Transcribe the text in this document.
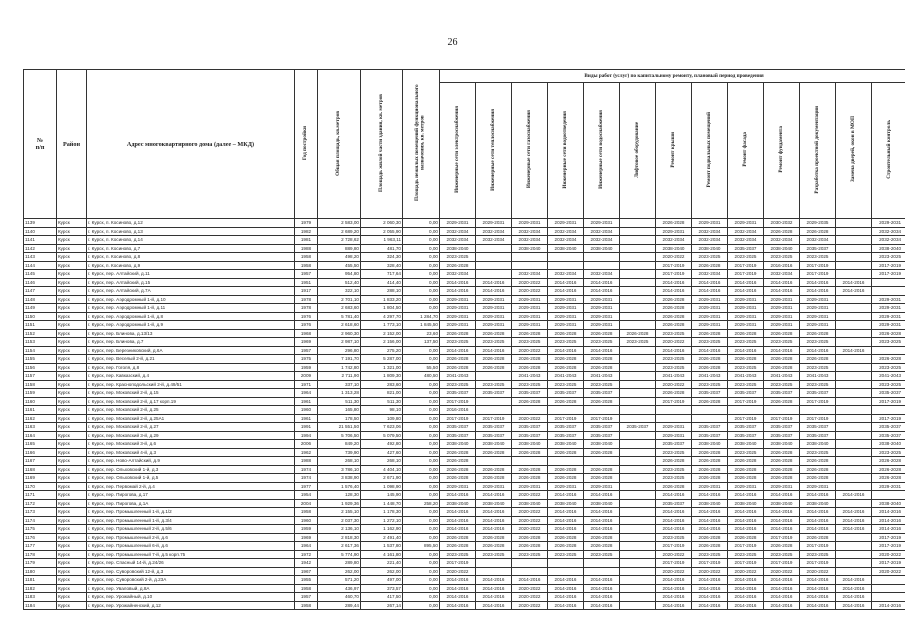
26
№
п/п	Район	Адрес многоквартирного дома (далее – МКД)	Год постройки	Общая площадь, кв.метров	Площадь жилой части здания, кв. метров	Площадь нежилых помещений функционального назначения, кв. метров	Виды работ (услуг) по капитальному ремонту, плановый период проведения												
							Инженерные сети электроснабжения	Инженерные сети теплоснабжения	Инженерные сети газоснабжения	Инженерные сети водоотведения	Инженерные сети водоснабжения	Лифтовое оборудование	Ремонт крыши	Ремонт подвальных помещений	Ремонт фасада	Ремонт фундамента	Разработка проектной документации	Замена дверей, окон в МОП	Строительный контроль
1139	Курск	г. Курск, п. Косиново, д.12	1979	2 583,00	2 060,30	0,00	2029-2031	2029-2031	2029-2031	2029-2031	2029-2031		2026-2028	2029-2031	2029-2031	2030-2032	2029-2035		2029-2031
1140	Курск	г. Курск, п. Косиново, д.13	1982	2 689,20	2 055,90	0,00	2032-2034	2032-2034	2032-2034	2032-2034	2032-2034		2029-2031	2032-2034	2032-2034	2026-2028	2026-2028		2032-2034
1141	Курск	г. Курск, п. Косиново, д.14	1981	2 728,62	1 963,11	0,00	2032-2034	2032-2034	2032-2034	2032-2034	2032-2034		2032-2034	2032-2034	2032-2034	2032-2034	2032-2034		2032-2034
1142	Курск	г. Курск, п. Косиново, д.7	1988	889,80	481,70	0,00	2038-2040		2038-2040	2038-2040	2038-2040		2038-2040	2038-2040	2035-2037	2038-2040	2035-2037		2038-2040
1143	Курск	г. Курск, п. Косиново, д.8	1958	498,20	324,30	0,00	2023-2025						2020-2022	2023-2025	2023-2025	2023-2025	2023-2025		2023-2025
1144	Курск	г. Курск, п. Косиново, д.9	1958	455,50	328,40	0,00	2026-2028						2017-2019	2026-2028	2017-2019	2016-2016	2017-2019		2017-2019
1145	Курск	г. Курск, пер. Алтайский, д.11	1957	954,80	717,64	0,00	2032-2034		2032-2034	2032-2034	2032-2034		2017-2019	2032-2034	2017-2019	2032-2034	2017-2019		2017-2019
1146	Курск	г. Курск, пер. Алтайский, д.15	1951	512,40	414,40	0,00	2014-2016	2014-2016	2020-2022	2014-2016	2014-2016		2014-2016	2014-2016	2014-2016	2014-2016	2014-2016	2014-2016	
1147	Курск	г. Курск, пер. Алтайский, д.7А	1917	322,10	288,10	0,00	2014-2016	2014-2016	2020-2022	2014-2016	2014-2016		2014-2016	2014-2016	2014-2016	2014-2016	2014-2016	2014-2016	
1148	Курск	г. Курск, пер. Аэродромный 1-й, д.10	1978	2 701,10	1 833,20	0,00	2029-2031	2029-2031	2029-2031	2029-2031	2029-2031		2026-2028	2029-2031	2029-2031	2029-2031	2029-2031		2029-2031
1149	Курск	г. Курск, пер. Аэродромный 1-й, д.11	1978	2 683,60	1 804,50	0,00	2029-2031	2029-2031	2029-2031	2029-2031	2029-2031		2026-2028	2029-2031	2029-2031	2029-2031	2029-2031		2029-2031
1150	Курск	г. Курск, пер. Аэродромный 1-й, д.8	1976	5 781,40	4 297,70	1 284,70	2029-2031	2029-2031	2029-2031	2029-2031	2029-2031		2026-2028	2029-2031	2029-2031	2029-2031	2029-2031		2029-2031
1151	Курск	г. Курск, пер. Аэродромный 1-й, д.9	1976	2 618,60	1 773,10	1 845,50	2029-2031	2029-2031	2029-2031	2029-2031	2029-2031		2026-2028	2029-2031	2029-2031	2029-2031	2029-2031		2029-2031
1152	Курск	г. Курск, пер. Блинова, д.13/13	1968	2 960,30	2 152,00	23,60	2026-2028	2026-2028	2026-2028	2026-2028	2026-2028	2026-2028	2023-2025	2026-2028	2026-2028	2026-2028	2026-2028		2026-2028
1153	Курск	г. Курск, пер. Блинова, д.7	1969	2 987,10	2 156,00	137,50	2023-2025	2023-2025	2023-2025	2023-2025	2023-2025	2023-2025	2020-2022	2023-2025	2023-2025	2023-2025	2023-2025		2023-2025
1154	Курск	г. Курск, пер. Березниковский, д.6А	1957	296,80	275,20	0,00	2014-2016	2014-2016	2020-2022	2014-2016	2014-2016		2014-2016	2014-2016	2014-2016	2014-2016	2014-2016	2014-2016	
1155	Курск	г. Курск, пер. Веселый 2-й, д.21	1975	7 191,70	5 287,00	0,00	2026-2028	2026-2028	2026-2028	2026-2028	2026-2028		2023-2025	2026-2028	2026-2028	2026-2028	2026-2028		2026-2028
1156	Курск	г. Курск, пер. Гоголя, д.8	1959	1 742,80	1 321,00	55,50	2026-2028	2026-2028	2026-2028	2026-2028	2026-2028		2023-2025	2026-2028	2023-2025	2026-2028	2023-2025		2023-2025
1157	Курск	г. Курск, пер. Кавказский, д.4	2009	2 711,90	1 809,30	480,50	2041-2043		2041-2043	2041-2043	2041-2043		2041-2043	2041-2043	2041-2043	2041-2043	2041-2043		2041-2043
1158	Курск	г. Курск, пер. Красноподольский 2-й, д.49/51	1971	337,10	283,60	0,00	2023-2025	2023-2025	2023-2025	2023-2025	2023-2025		2020-2022	2023-2025	2023-2025	2023-2025	2023-2025		2023-2025
1159	Курск	г. Курск, пер. Моковский 2-й, д.15	1964	1 313,28	821,00	0,00	2035-2037	2035-2037	2035-2037	2035-2037	2035-2037		2026-2028	2035-2037	2035-2037	2035-2037	2035-2037		2035-2037
1160	Курск	г. Курск, пер. Моковский 2-й, д.17 корп.19	1961	511,30	511,30	0,00	2017-2019		2026-2028	2026-2028	2026-2028		2017-2019	2026-2028	2017-2019	2026-2028	2017-2019		2017-2019
1161	Курск	г. Курск, пер. Моковский 2-й, д.25	1960	165,80	98,10	0,00	2016-2016												
1162	Курск	г. Курск, пер. Моковский 2-й, д.25А1	1961	178,50	109,80	0,00	2017-2019	2017-2019	2020-2022	2017-2019	2017-2019				2017-2019	2017-2019	2017-2019		2017-2019
1163	Курск	г. Курск, пер. Моковский 2-й, д.27	1991	21 551,50	7 623,06	0,00	2035-2037	2035-2037	2035-2037	2035-2037	2035-2037	2035-2037	2029-2031	2035-2037	2035-2037	2035-2037	2035-2037		2035-2037
1164	Курск	г. Курск, пер. Моковский 3-й, д.29	1994	5 706,50	5 079,50	0,00	2035-2037	2035-2037	2035-2037	2035-2037	2035-2037		2029-2031	2035-2037	2035-2037	2035-2037	2035-2037		2035-2037
1165	Курск	г. Курск, пер. Моковский 3-й, д.6	2006	849,20	492,80	0,00	2038-2040	2038-2040	2038-2040	2038-2040	2038-2040		2035-2037	2038-2040	2038-2040	2038-2040	2038-2040		2038-2040
1166	Курск	г. Курск, пер. Моковский 4-й, д.3	1962	739,90	427,60	0,00	2026-2028	2026-2028	2026-2028	2026-2028	2026-2028		2023-2025	2026-2028	2023-2025	2026-2028	2023-2025		2023-2025
1167	Курск	г. Курск, пер. Ново-Алтайский, д.9	1988	268,10	268,10	0,00	2026-2028						2026-2028	2026-2028	2026-2028	2026-2028	2026-2028		2026-2028
1168	Курск	г. Курск, пер. Ольховский 1-й, д.3	1974	3 786,10	4 404,10	0,00	2026-2028	2026-2028	2026-2028	2026-2028	2026-2028		2023-2025	2026-2028	2026-2028	2026-2028	2026-2028		2026-2028
1169	Курск	г. Курск, пер. Ольховский 1-й, д.5	1974	3 838,90	2 671,90	0,00	2026-2028	2026-2028	2026-2028	2026-2028	2026-2028		2023-2025	2026-2028	2026-2028	2026-2028	2026-2028		2026-2028
1170	Курск	г. Курск, пер. Первомай 2-й, д.4	1977	1 576,40	1 098,90	0,00	2029-2031	2029-2031	2029-2031	2029-2031	2029-2031		2026-2028	2029-2031	2029-2031	2029-2031	2029-2031		2029-2031
1171	Курск	г. Курск, пер. Пирогова, д.17	1954	128,30	145,90	0,00	2014-2016	2014-2016	2020-2022	2014-2016	2014-2016		2014-2016	2014-2016	2014-2016	2014-2016	2014-2016	2014-2016	
1172	Курск	г. Курск, пер. Пирогова, д.1А	2004	1 929,36	1 448,70	258,20	2038-2040	2038-2040	2038-2040	2038-2040	2038-2040		2035-2037	2038-2040	2038-2040	2038-2040	2038-2040		2038-2040
1173	Курск	г. Курск, пер. Промышленный 1-й, д.1/2	1958	2 155,10	1 178,30	0,00	2014-2016	2014-2016	2020-2022	2014-2016	2014-2016		2014-2016	2014-2016	2014-2016	2014-2016	2014-2016	2014-2016	2014-2016
1174	Курск	г. Курск, пер. Промышленный 1-й, д.3/4	1960	2 037,30	1 272,10	0,00	2014-2016	2014-2016	2020-2022	2014-2016	2014-2016		2014-2016	2014-2016	2014-2016	2014-2016	2014-2016	2014-2016	2014-2016
1175	Курск	г. Курск, пер. Промышленный 2-й, д.5/6	1959	2 136,10	1 162,90	0,00	2014-2016	2014-2016	2020-2022	2014-2016	2014-2016		2014-2016	2014-2016	2014-2016	2014-2016	2014-2016	2014-2016	2014-2016
1176	Курск	г. Курск, пер. Промышленный 2-й, д.6	1969	2 818,30	2 491,40	0,00	2026-2028	2026-2028	2026-2028	2026-2028	2026-2028		2023-2025	2026-2028	2026-2028	2017-2019	2026-2028		2017-2019
1177	Курск	г. Курск, пер. Промышленный 6-й, д.6	1964	2 617,36	1 537,80	895,50	2026-2028	2026-2028	2026-2028	2026-2028	2026-2028		2017-2019	2026-2028	2017-2019	2026-2028	2017-2019		2017-2019
1178	Курск	г. Курск, пер. Промышленный 7-й, д.5 корп.75	1972	5 774,90	4 161,80	0,00	2023-2025	2023-2025	2023-2025	2023-2025	2023-2025		2020-2022	2023-2025	2023-2025	2023-2025	2023-2025		2020-2022
1179	Курск	г. Курск, пер. Спасный 14-й, д.24/26	1942	289,80	221,40	0,00	2017-2019						2017-2019	2017-2019	2017-2019	2017-2019	2017-2019		2017-2019
1180	Курск	г. Курск, пер. Суворовский 12-й, д.3	1967	262,00	262,00	0,00	2020-2022						2020-2022	2020-2022	2020-2022	2020-2022	2020-2022		2020-2022
1181	Курск	г. Курск, пер. Суворовский 2-й, д.23А	1955	571,20	497,00	0,00	2014-2016	2014-2016	2014-2016	2014-2016	2014-2016		2014-2016	2014-2016	2014-2016	2014-2016	2014-2016	2014-2016	
1182	Курск	г. Курск, пер. Уваловый, д.8А	1958	436,97	373,57	0,00	2014-2016	2014-2016	2020-2022	2014-2016	2014-2016		2014-2016	2014-2016	2014-2016	2014-2016	2014-2016	2014-2016	
1183	Курск	г. Курск, пер. Урожайный, д.10	1957	460,70	417,50	0,00	2014-2016	2014-2016	2020-2022	2014-2016	2014-2016		2014-2016	2014-2016	2014-2016	2014-2016	2014-2016	2014-2016	
1184	Курск	г. Курск, пер. Урожайненский, д.12	1958	289,44	267,14	0,00	2014-2016	2014-2016	2020-2022	2014-2016	2014-2016		2014-2016	2014-2016	2014-2016	2014-2016	2014-2016	2014-2016	2014-2016
